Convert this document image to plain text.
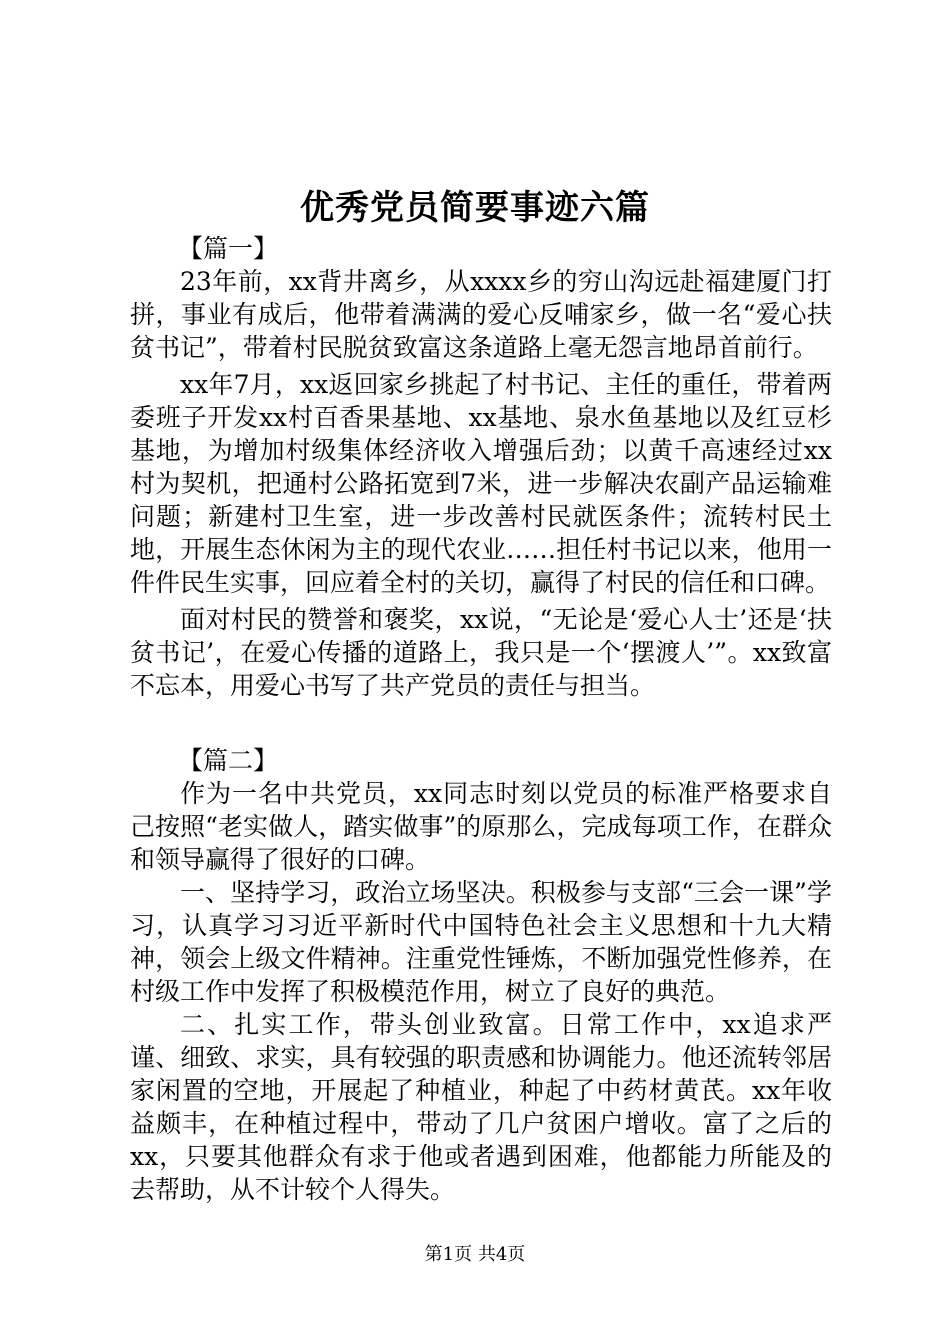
优秀党员简要事迹六篇

【篇一】

23年前，xx背井离乡，从xxxx乡的穷山沟远赴福建厦门打拼，事业有成后，他带着满满的爱心反哺家乡，做一名“爱心扶贫书记”，带着村民脱贫致富这条道路上毫无怨言地昂首前行。

xx年7月，xx返回家乡挑起了村书记、主任的重任，带着两委班子开发xx村百香果基地、xx基地、泉水鱼基地以及红豆杉基地，为增加村级集体经济收入增强后劲；以黄千高速经过xx村为契机，把通村公路拓宽到7米，进一步解决农副产品运输难问题；新建村卫生室，进一步改善村民就医条件；流转村民土地，开展生态休闲为主的现代农业……担任村书记以来，他用一件件民生实事，回应着全村的关切，赢得了村民的信任和口碑。

面对村民的赞誉和褒奖，xx说，“无论是‘爱心人士’还是‘扶贫书记’，在爱心传播的道路上，我只是一个‘摆渡人’”。xx致富不忘本，用爱心书写了共产党员的责任与担当。

【篇二】

作为一名中共党员，xx同志时刻以党员的标准严格要求自己按照“老实做人，踏实做事”的原那么，完成每项工作，在群众和领导赢得了很好的口碑。

一、坚持学习，政治立场坚决。积极参与支部“三会一课”学习，认真学习习近平新时代中国特色社会主义思想和十九大精神，领会上级文件精神。注重党性锤炼，不断加强党性修养，在村级工作中发挥了积极模范作用，树立了良好的典范。

二、扎实工作，带头创业致富。日常工作中，xx追求严谨、细致、求实，具有较强的职责感和协调能力。他还流转邻居家闲置的空地，开展起了种植业，种起了中药材黄芪。xx年收益颇丰，在种植过程中，带动了几户贫困户增收。富了之后的xx，只要其他群众有求于他或者遇到困难，他都能力所能及的去帮助，从不计较个人得失。

第1页 共4页
